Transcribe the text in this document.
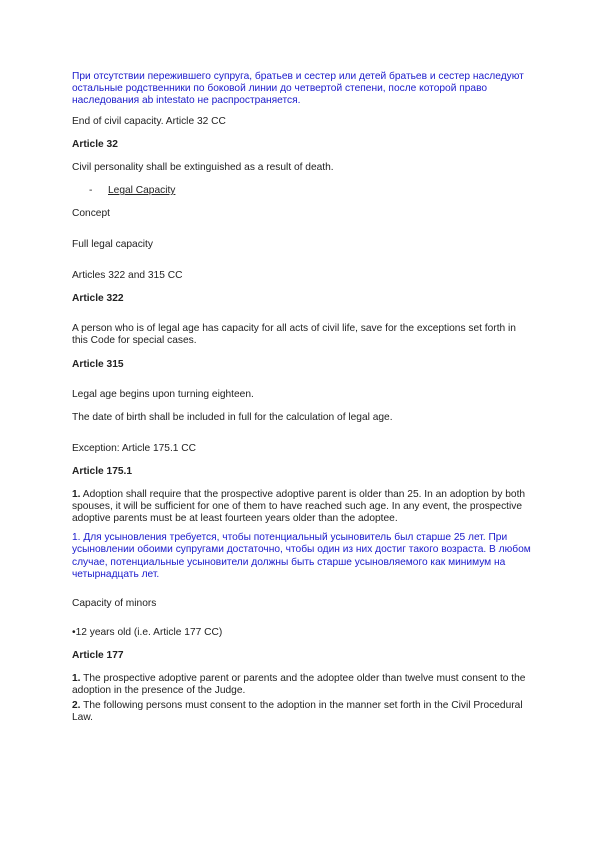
При отсутствии пережившего супруга, братьев и сестер или детей братьев и сестер наследуют остальные родственники по боковой линии до четвертой степени, после которой право наследования ab intestato не распространяется.

End of civil capacity. Article 32 CC

Article 32

Civil personality shall be extinguished as a result of death.

- Legal Capacity

Concept

Full legal capacity

Articles 322 and 315 CC

Article 322

A person who is of legal age has capacity for all acts of civil life, save for the exceptions set forth in this Code for special cases.

Article 315

Legal age begins upon turning eighteen.

The date of birth shall be included in full for the calculation of legal age.

Exception: Article 175.1 CC

Article 175.1

1. Adoption shall require that the prospective adoptive parent is older than 25. In an adoption by both spouses, it will be sufficient for one of them to have reached such age. In any event, the prospective adoptive parents must be at least fourteen years older than the adoptee.

1. Для усыновления требуется, чтобы потенциальный усыновитель был старше 25 лет. При усыновлении обоими супругами достаточно, чтобы один из них достиг такого возраста. В любом случае, потенциальные усыновители должны быть старше усыновляемого как минимум на четырнадцать лет.

Capacity of minors

•12 years old (i.e. Article 177 CC)

Article 177

1. The prospective adoptive parent or parents and the adoptee older than twelve must consent to the adoption in the presence of the Judge.

2. The following persons must consent to the adoption in the manner set forth in the Civil Procedural Law.
